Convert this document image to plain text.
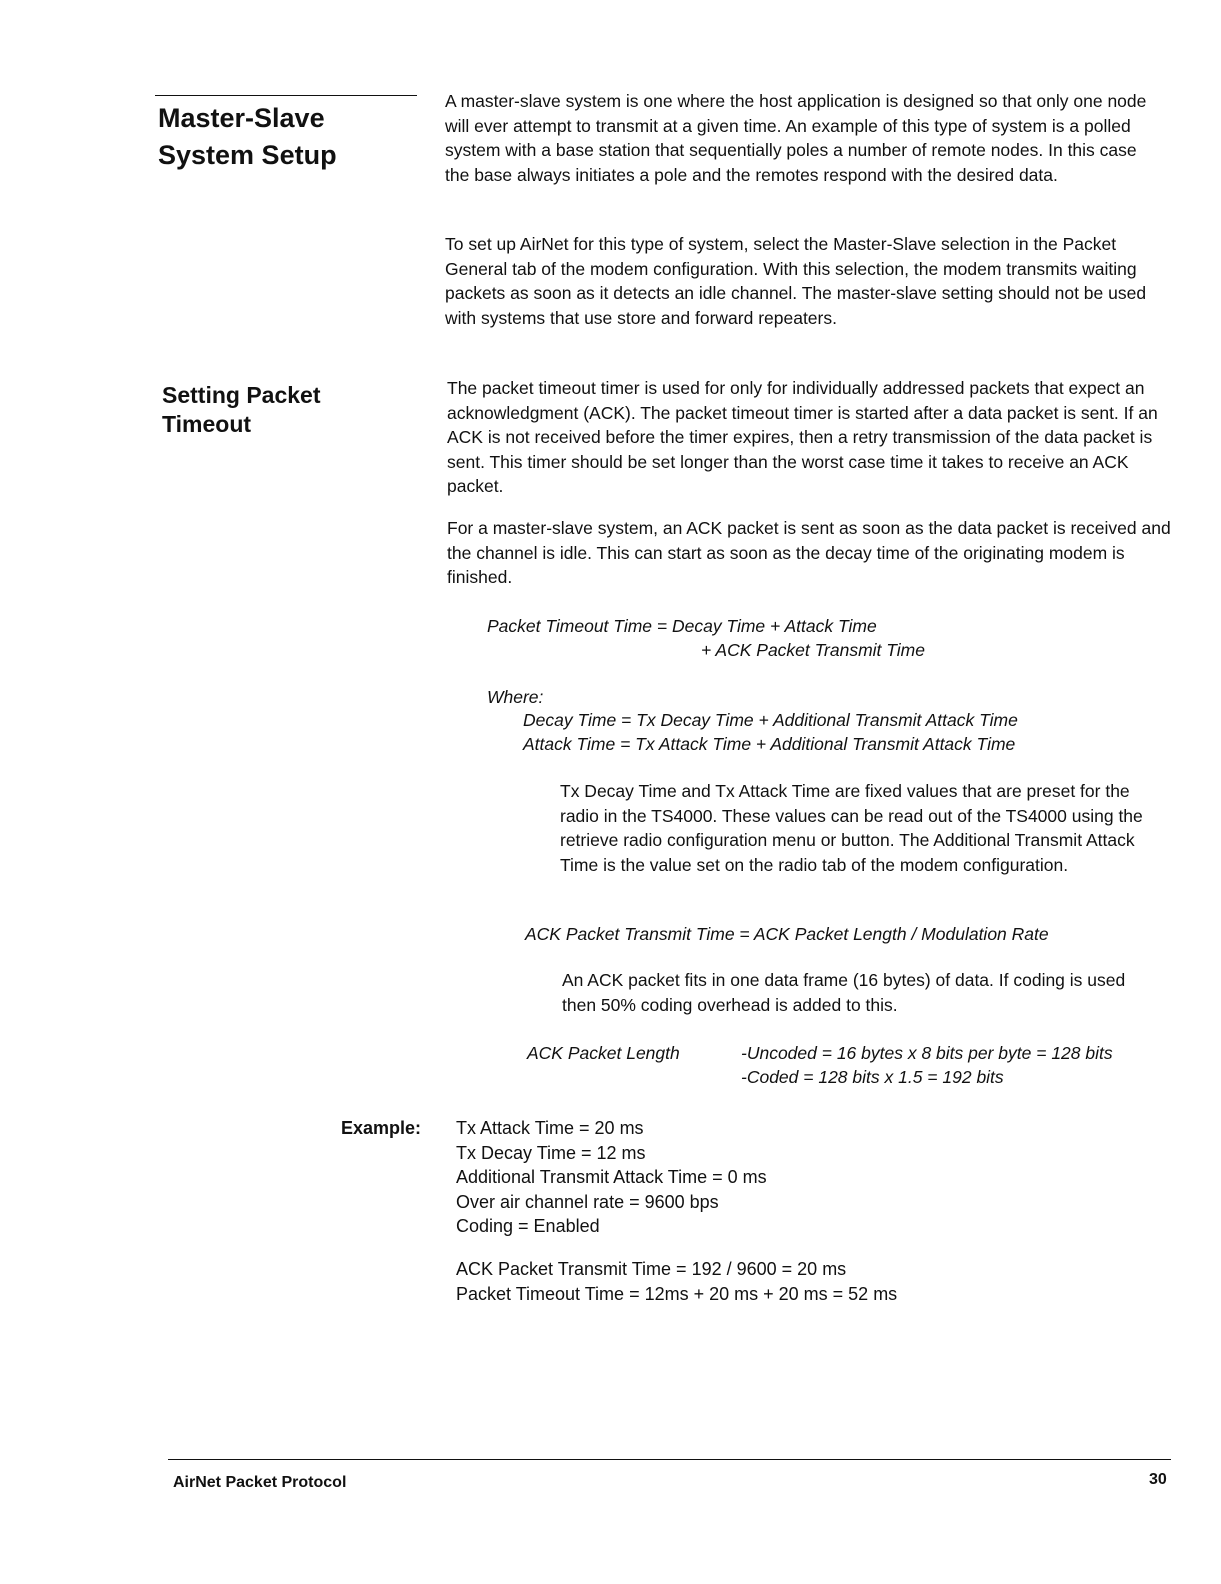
Master-Slave
System Setup
A master-slave system is one where the host application is designed so that only one node will ever attempt to transmit at a given time. An example of this type of system is a polled system with a base station that sequentially poles a number of remote nodes. In this case the base always initiates a pole and the remotes respond with the desired data.
To set up AirNet for this type of system, select the Master-Slave selection in the Packet General tab of the modem configuration. With this selection, the modem transmits waiting packets as soon as it detects an idle channel. The master-slave setting should not be used with systems that use store and forward repeaters.
Setting Packet
Timeout
The packet timeout timer is used for only for individually addressed packets that expect an acknowledgment (ACK). The packet timeout timer is started after a data packet is sent. If an ACK is not received before the timer expires, then a retry transmission of the data packet is sent. This timer should be set longer than the worst case time it takes to receive an ACK packet.
For a master-slave system, an ACK packet is sent as soon as the data packet is received and the channel is idle. This can start as soon as the decay time of the originating modem is finished.
Packet Timeout Time = Decay Time + Attack Time
+ ACK Packet Transmit Time
Where:
Decay Time = Tx Decay Time + Additional Transmit Attack Time
Attack Time = Tx Attack Time + Additional Transmit Attack Time
Tx Decay Time and Tx Attack Time are fixed values that are preset for the radio in the TS4000. These values can be read out of the TS4000 using the retrieve radio configuration menu or button. The Additional Transmit Attack Time is the value set on the radio tab of the modem configuration.
ACK Packet Transmit Time = ACK Packet Length / Modulation Rate
An ACK packet fits in one data frame (16 bytes) of data. If coding is used then 50% coding overhead is added to this.
ACK Packet Length	-Uncoded = 16 bytes x 8 bits per byte = 128 bits
-Coded = 128 bits x 1.5 = 192 bits
Example: Tx Attack Time = 20 ms
Tx Decay Time = 12 ms
Additional Transmit Attack Time = 0 ms
Over air channel rate = 9600 bps
Coding = Enabled
ACK Packet Transmit Time = 192 / 9600 = 20 ms
Packet Timeout Time = 12ms + 20 ms + 20 ms = 52 ms
AirNet Packet Protocol	30
